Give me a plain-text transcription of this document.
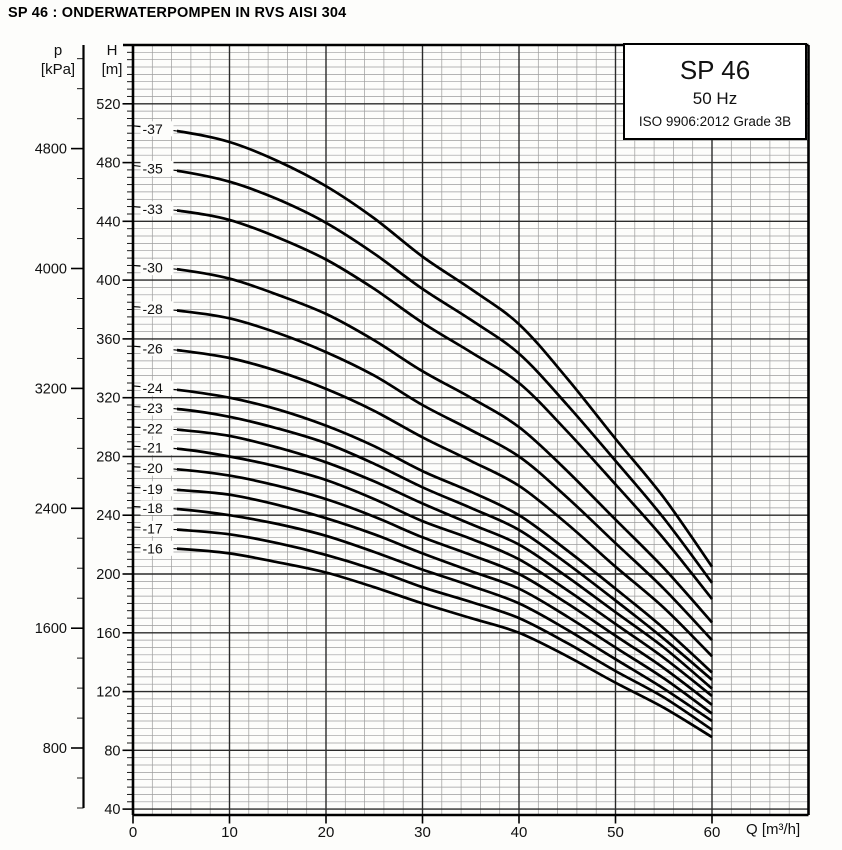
SP 46 : ONDERWATERPOMPEN IN RVS AISI 304
-37
-35
-33
-30
-28
-26
-24
-23
-22
-21
-20
-19
-18
-17
-16
4800
4000
3200
2400
1600
800
520
480
440
400
360
320
280
240
200
160
120
80
40
0	10	20	30	40	50	60
p
[kPa]
H
[m]
Q [m³/h]
SP 46
50 Hz
ISO 9906:2012 Grade 3B
